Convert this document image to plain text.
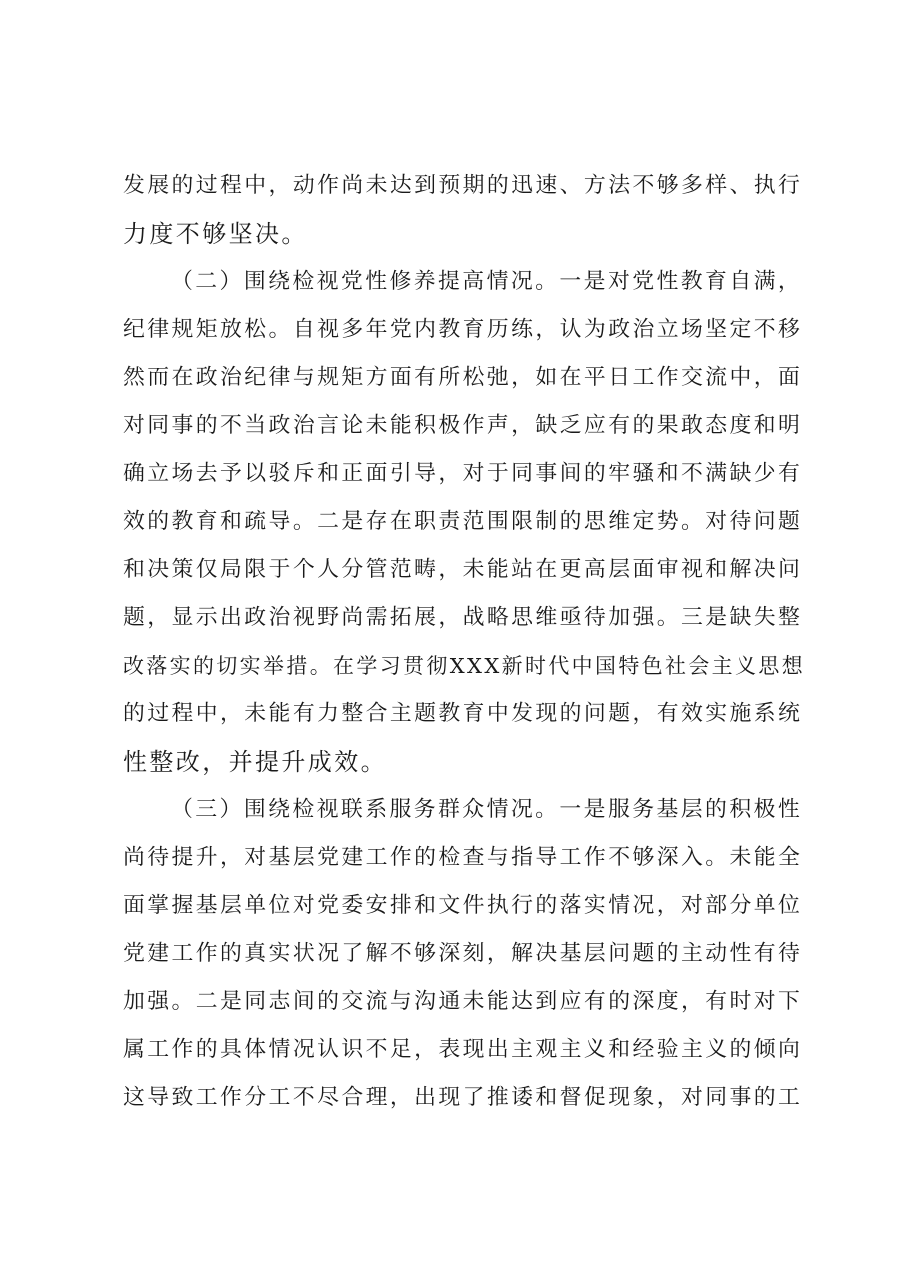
发展的过程中，动作尚未达到预期的迅速、方法不够多样、执行
力度不够坚决。
（二）围绕检视党性修养提高情况。一是对党性教育自满，
纪律规矩放松。自视多年党内教育历练，认为政治立场坚定不移
然而在政治纪律与规矩方面有所松弛，如在平日工作交流中，面
对同事的不当政治言论未能积极作声，缺乏应有的果敢态度和明
确立场去予以驳斥和正面引导，对于同事间的牢骚和不满缺少有
效的教育和疏导。二是存在职责范围限制的思维定势。对待问题
和决策仅局限于个人分管范畴，未能站在更高层面审视和解决问
题，显示出政治视野尚需拓展，战略思维亟待加强。三是缺失整
改落实的切实举措。在学习贯彻XXX新时代中国特色社会主义思想
的过程中，未能有力整合主题教育中发现的问题，有效实施系统
性整改，并提升成效。
（三）围绕检视联系服务群众情况。一是服务基层的积极性
尚待提升，对基层党建工作的检查与指导工作不够深入。未能全
面掌握基层单位对党委安排和文件执行的落实情况，对部分单位
党建工作的真实状况了解不够深刻，解决基层问题的主动性有待
加强。二是同志间的交流与沟通未能达到应有的深度，有时对下
属工作的具体情况认识不足，表现出主观主义和经验主义的倾向
这导致工作分工不尽合理，出现了推诿和督促现象，对同事的工
